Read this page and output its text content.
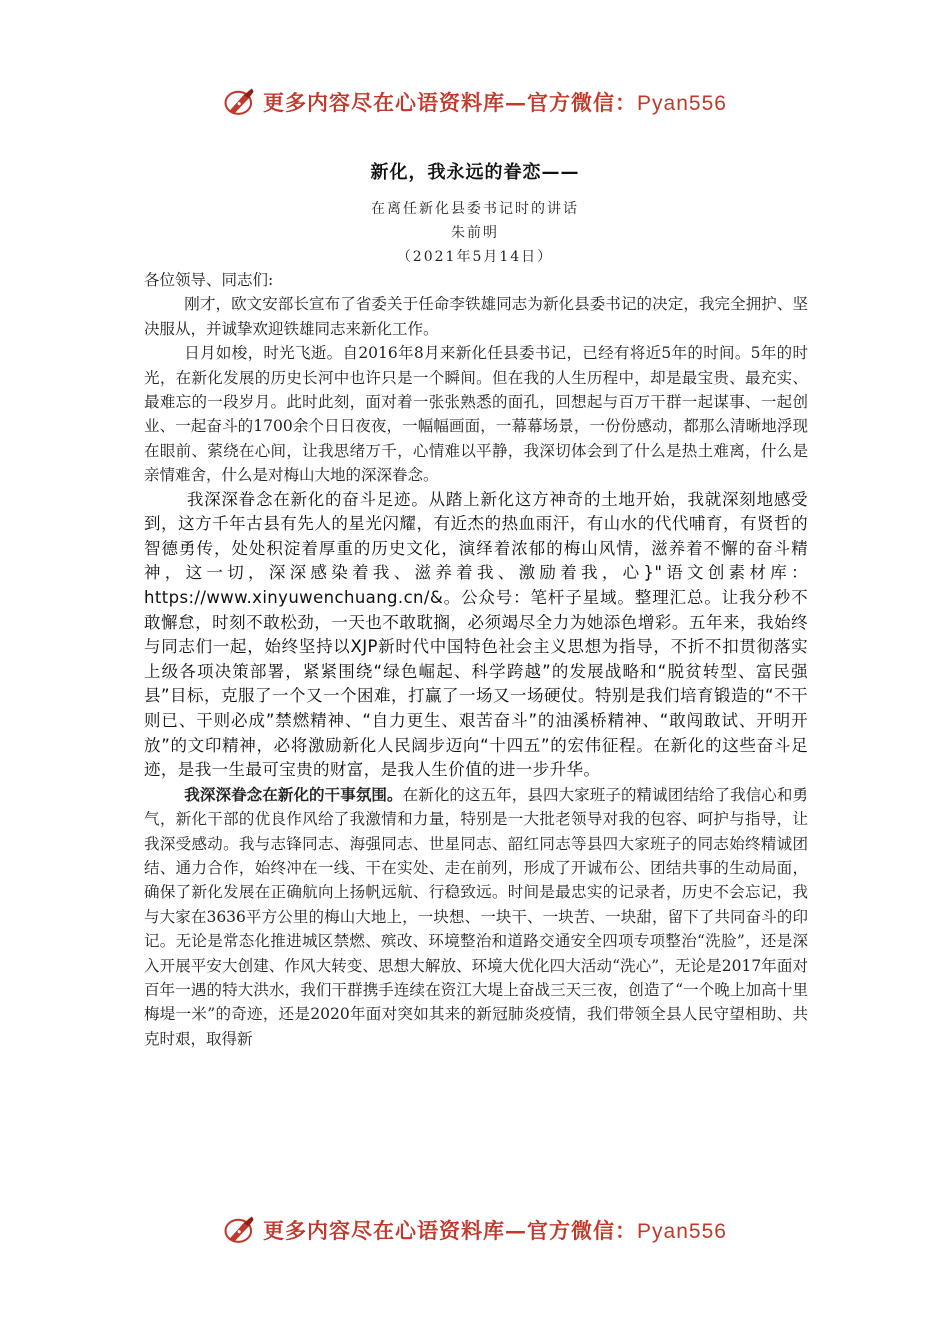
更多内容尽在心语资料库—官方微信：Pyan556
新化，我永远的眷恋——
在离任新化县委书记时的讲话
朱前明
（2021年5月14日）

各位领导、同志们:

刚才，欧文安部长宣布了省委关于任命李铁雄同志为新化县委书记的决定，我完全拥护、坚决服从，并诚挚欢迎铁雄同志来新化工作。

日月如梭，时光飞逝。自2016年8月来新化任县委书记，已经有将近5年的时间。5年的时光，在新化发展的历史长河中也许只是一个瞬间。但在我的人生历程中，却是最宝贵、最充实、最难忘的一段岁月。此时此刻，面对着一张张熟悉的面孔，回想起与百万干群一起谋事、一起创业、一起奋斗的1700余个日日夜夜，一幅幅画面，一幕幕场景，一份份感动，都那么清晰地浮现在眼前、萦绕在心间，让我思绪万千，心情难以平静，我深切体会到了什么是热土难离，什么是亲情难舍，什么是对梅山大地的深深眷念。

我深深眷念在新化的奋斗足迹。从踏上新化这方神奇的土地开始，我就深刻地感受到，这方千年古县有先人的星光闪耀，有近杰的热血雨汗，有山水的代代哺育，有贤哲的智德勇传，处处积淀着厚重的历史文化，演绎着浓郁的梅山风情，滋养着不懈的奋斗精神，这一切，深深感染着我、滋养着我、激励着我，心}"语文创素材库：https://www.xinyuwenchuang.cn/&。公众号：笔杆子星域。整理汇总。让我分秒不敢懈怠，时刻不敢松劲，一天也不敢耽搁，必须竭尽全力为她添色增彩。五年来，我始终与同志们一起，始终坚持以XJP新时代中国特色社会主义思想为指导，不折不扣贯彻落实上级各项决策部署，紧紧围绕“绿色崛起、科学跨越”的发展战略和“脱贫转型、富民强县”目标，克服了一个又一个困难，打赢了一场又一场硬仗。特别是我们培育锻造的“不干则已、干则必成”禁燃精神、“自力更生、艰苦奋斗”的油溪桥精神、“敢闯敢试、开明开放”的文印精神，必将激励新化人民阔步迈向“十四五”的宏伟征程。在新化的这些奋斗足迹，是我一生最可宝贵的财富，是我人生价值的进一步升华。

我深深眷念在新化的干事氛围。在新化的这五年，县四大家班子的精诚团结给了我信心和勇气，新化干部的优良作风给了我激情和力量，特别是一大批老领导对我的包容、呵护与指导，让我深受感动。我与志锋同志、海强同志、世星同志、韶红同志等县四大家班子的同志始终精诚团结、通力合作，始终冲在一线、干在实处、走在前列，形成了开诚布公、团结共事的生动局面，确保了新化发展在正确航向上扬帆远航、行稳致远。时间是最忠实的记录者，历史不会忘记，我与大家在3636平方公里的梅山大地上，一块想、一块干、一块苦、一块甜，留下了共同奋斗的印记。无论是常态化推进城区禁燃、殡改、环境整治和道路交通安全四项专项整治“洗脸”，还是深入开展平安大创建、作风大转变、思想大解放、环境大优化四大活动“洗心”，无论是2017年面对百年一遇的特大洪水，我们干群携手连续在资江大堤上奋战三天三夜，创造了“一个晚上加高十里梅堤一米”的奇迹，还是2020年面对突如其来的新冠肺炎疫情，我们带领全县人民守望相助、共克时艰，取得新

更多内容尽在心语资料库—官方微信：Pyan556
